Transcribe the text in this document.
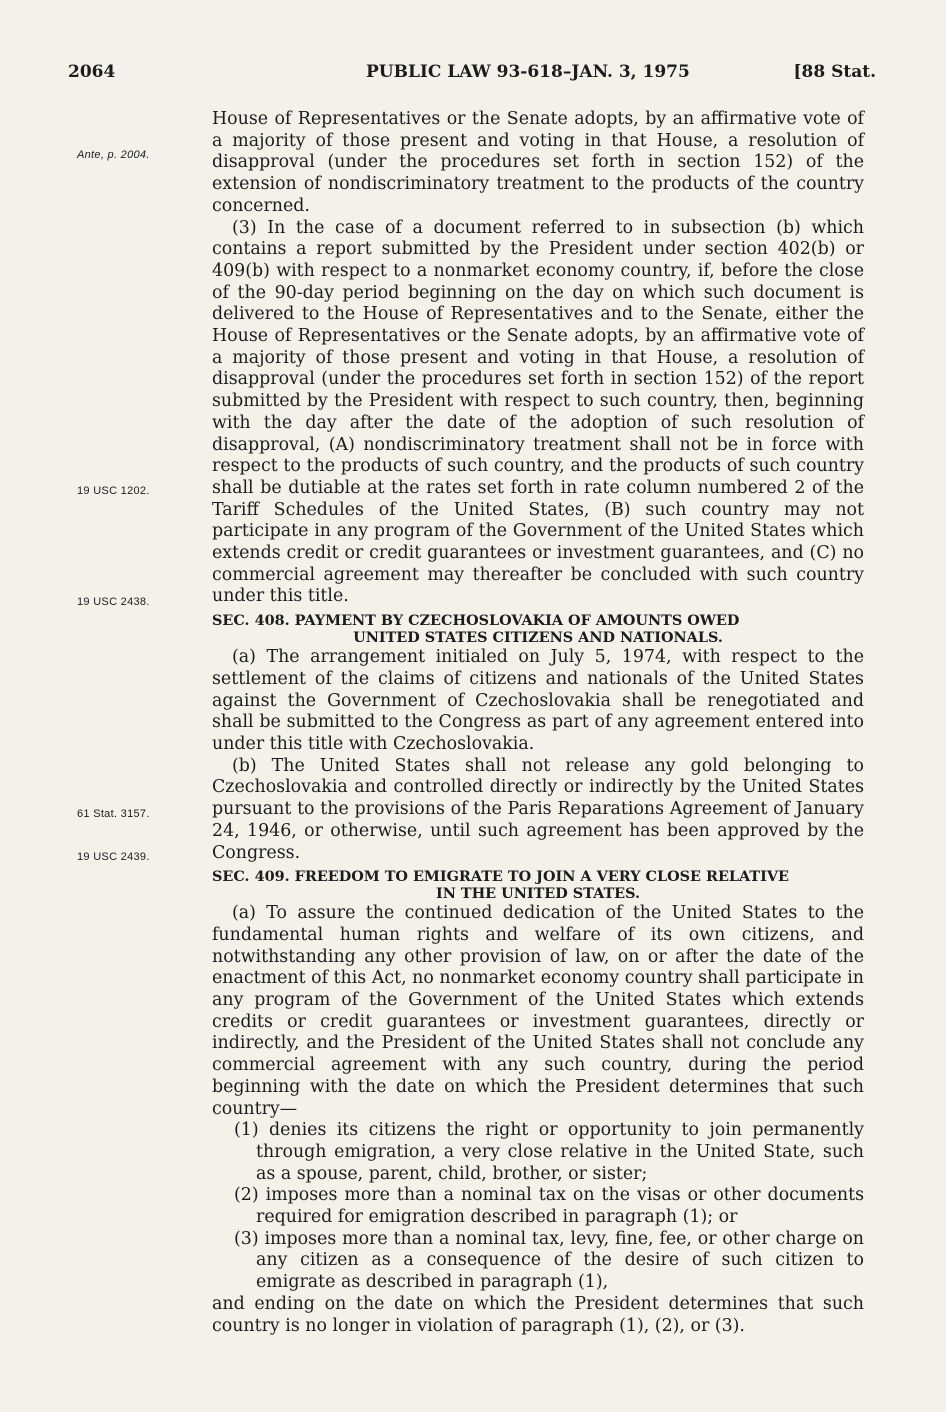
2064	PUBLIC LAW 93-618–JAN. 3, 1975	[88 Stat.
Ante, p. 2004.
19 USC 1202.
19 USC 2438.
61 Stat. 3157.
19 USC 2439.

House of Representatives or the Senate adopts, by an affirmative vote of a majority of those present and voting in that House, a resolution of disapproval (under the procedures set forth in section 152) of the extension of nondiscriminatory treatment to the products of the country concerned.

(3) In the case of a document referred to in subsection (b) which contains a report submitted by the President under section 402(b) or 409(b) with respect to a nonmarket economy country, if, before the close of the 90-day period beginning on the day on which such document is delivered to the House of Representatives and to the Senate, either the House of Representatives or the Senate adopts, by an affirmative vote of a majority of those present and voting in that House, a resolution of disapproval (under the procedures set forth in section 152) of the report submitted by the President with respect to such country, then, beginning with the day after the date of the adoption of such resolution of disapproval, (A) nondiscriminatory treatment shall not be in force with respect to the products of such country, and the products of such country shall be dutiable at the rates set forth in rate column numbered 2 of the Tariff Schedules of the United States, (B) such country may not participate in any program of the Government of the United States which extends credit or credit guarantees or investment guarantees, and (C) no commercial agreement may thereafter be concluded with such country under this title.

SEC. 408. PAYMENT BY CZECHOSLOVAKIA OF AMOUNTS OWED
UNITED STATES CITIZENS AND NATIONALS.

(a) The arrangement initialed on July 5, 1974, with respect to the settlement of the claims of citizens and nationals of the United States against the Government of Czechoslovakia shall be renegotiated and shall be submitted to the Congress as part of any agreement entered into under this title with Czechoslovakia.

(b) The United States shall not release any gold belonging to Czechoslovakia and controlled directly or indirectly by the United States pursuant to the provisions of the Paris Reparations Agreement of January 24, 1946, or otherwise, until such agreement has been approved by the Congress.

SEC. 409. FREEDOM TO EMIGRATE TO JOIN A VERY CLOSE RELATIVE
IN THE UNITED STATES.

(a) To assure the continued dedication of the United States to the fundamental human rights and welfare of its own citizens, and notwithstanding any other provision of law, on or after the date of the enactment of this Act, no nonmarket economy country shall participate in any program of the Government of the United States which extends credits or credit guarantees or investment guarantees, directly or indirectly, and the President of the United States shall not conclude any commercial agreement with any such country, during the period beginning with the date on which the President determines that such country—

(1) denies its citizens the right or opportunity to join permanently through emigration, a very close relative in the United State, such as a spouse, parent, child, brother, or sister;

(2) imposes more than a nominal tax on the visas or other documents required for emigration described in paragraph (1); or

(3) imposes more than a nominal tax, levy, fine, fee, or other charge on any citizen as a consequence of the desire of such citizen to emigrate as described in paragraph (1),

and ending on the date on which the President determines that such country is no longer in violation of paragraph (1), (2), or (3).
